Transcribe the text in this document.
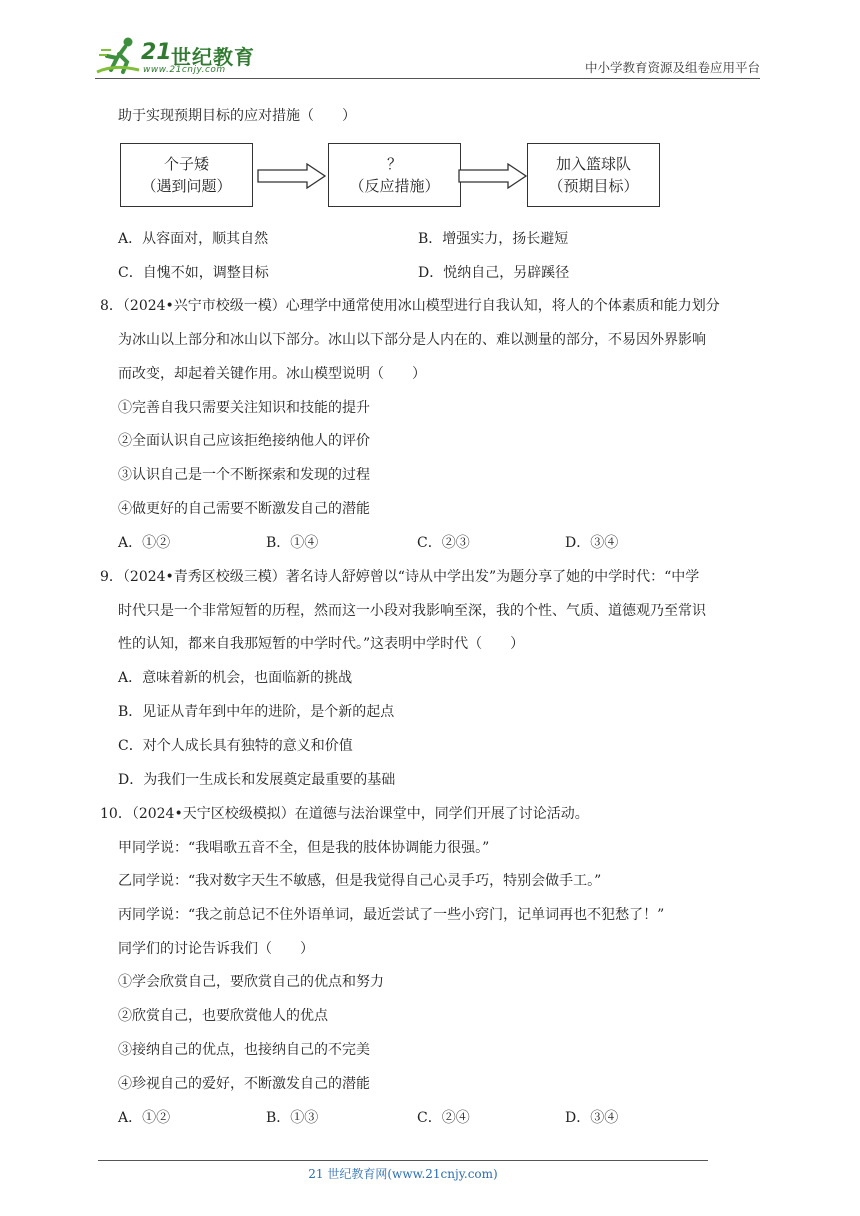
21 世纪教育
www.21cnjy.com	中小学教育资源及组卷应用平台
助于实现预期目标的应对措施（　　）
个子矮
（遇到问题）
？
（反应措施）
加入篮球队
（预期目标）
A．从容面对，顺其自然	B．增强实力，扬长避短
C．自愧不如，调整目标	D．悦纳自己，另辟蹊径
8．（2024•兴宁市校级一模）心理学中通常使用冰山模型进行自我认知，将人的个体素质和能力划分
为冰山以上部分和冰山以下部分。冰山以下部分是人内在的、难以测量的部分，不易因外界影响
而改变，却起着关键作用。冰山模型说明（　　）
①完善自我只需要关注知识和技能的提升
②全面认识自己应该拒绝接纳他人的评价
③认识自己是一个不断探索和发现的过程
④做更好的自己需要不断激发自己的潜能
A．①②	B．①④	C．②③	D．③④
9．（2024•青秀区校级三模）著名诗人舒婷曾以“诗从中学出发”为题分享了她的中学时代：“中学
时代只是一个非常短暂的历程，然而这一小段对我影响至深，我的个性、气质、道德观乃至常识
性的认知，都来自我那短暂的中学时代。”这表明中学时代（　　）
A．意味着新的机会，也面临新的挑战
B．见证从青年到中年的进阶，是个新的起点
C．对个人成长具有独特的意义和价值
D．为我们一生成长和发展奠定最重要的基础
10．（2024•天宁区校级模拟）在道德与法治课堂中，同学们开展了讨论活动。
甲同学说：“我唱歌五音不全，但是我的肢体协调能力很强。”
乙同学说：“我对数字天生不敏感，但是我觉得自己心灵手巧，特别会做手工。”
丙同学说：“我之前总记不住外语单词，最近尝试了一些小窍门，记单词再也不犯愁了！”
同学们的讨论告诉我们（　　）
①学会欣赏自己，要欣赏自己的优点和努力
②欣赏自己，也要欣赏他人的优点
③接纳自己的优点，也接纳自己的不完美
④珍视自己的爱好，不断激发自己的潜能
A．①②	B．①③	C．②④	D．③④
21 世纪教育网(www.21cnjy.com)
